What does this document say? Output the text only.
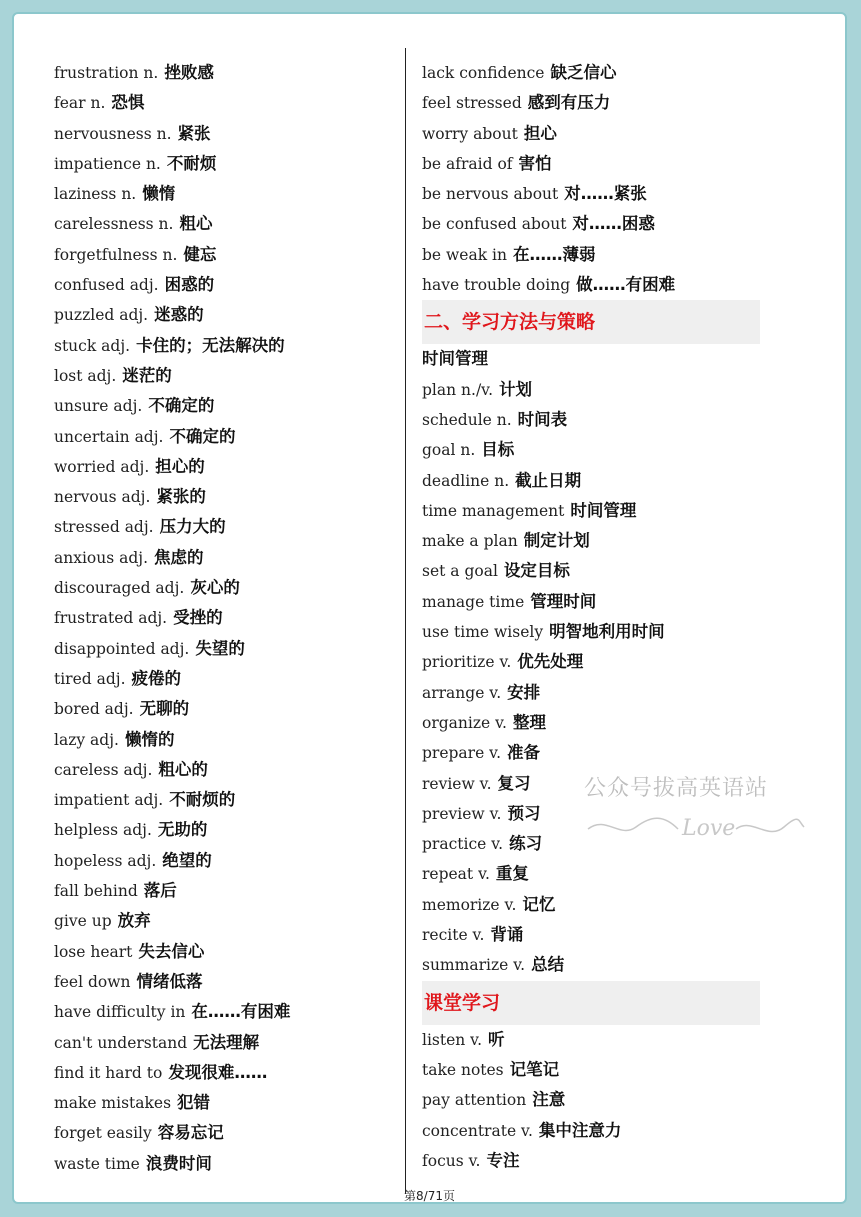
frustration n. 挫败感
fear n. 恐惧
nervousness n. 紧张
impatience n. 不耐烦
laziness n. 懒惰
carelessness n. 粗心
forgetfulness n. 健忘
confused adj. 困惑的
puzzled adj. 迷惑的
stuck adj. 卡住的；无法解决的
lost adj. 迷茫的
unsure adj. 不确定的
uncertain adj. 不确定的
worried adj. 担心的
nervous adj. 紧张的
stressed adj. 压力大的
anxious adj. 焦虑的
discouraged adj. 灰心的
frustrated adj. 受挫的
disappointed adj. 失望的
tired adj. 疲倦的
bored adj. 无聊的
lazy adj. 懒惰的
careless adj. 粗心的
impatient adj. 不耐烦的
helpless adj. 无助的
hopeless adj. 绝望的
fall behind 落后
give up 放弃
lose heart 失去信心
feel down 情绪低落
have difficulty in 在……有困难
can't understand 无法理解
find it hard to 发现很难……
make mistakes 犯错
forget easily 容易忘记
waste time 浪费时间
lack confidence 缺乏信心
feel stressed 感到有压力
worry about 担心
be afraid of 害怕
be nervous about 对……紧张
be confused about 对……困惑
be weak in 在……薄弱
have trouble doing 做……有困难
二、学习方法与策略
时间管理
plan n./v. 计划
schedule n. 时间表
goal n. 目标
deadline n. 截止日期
time management 时间管理
make a plan 制定计划
set a goal 设定目标
manage time 管理时间
use time wisely 明智地利用时间
prioritize v. 优先处理
arrange v. 安排
organize v. 整理
prepare v. 准备
review v. 复习
preview v. 预习
practice v. 练习
repeat v. 重复
memorize v. 记忆
recite v. 背诵
summarize v. 总结
课堂学习
listen v. 听
take notes 记笔记
pay attention 注意
concentrate v. 集中注意力
focus v. 专注
公众号拔高英语站
Love
第8/71页
